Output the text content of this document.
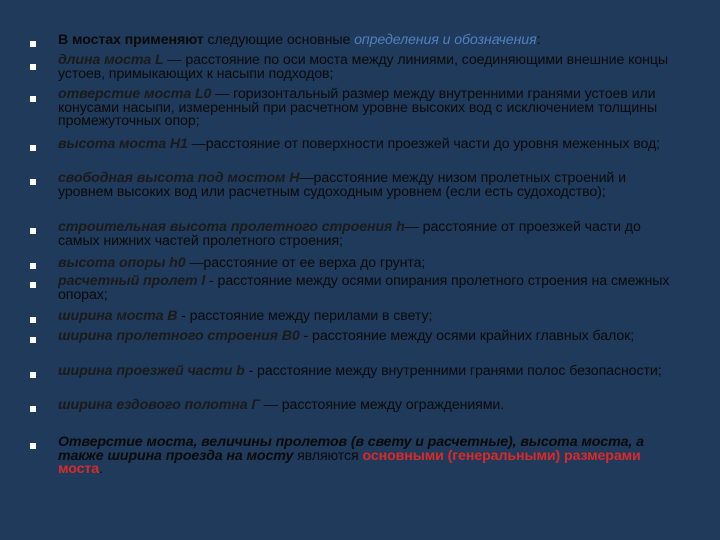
В мостах применяют следующие основные определения и обозначения:
длина моста L — расстояние по оси моста между линиями, соединяющими внешние концы устоев, примыкающих к насыпи подходов;
отверстие моста L0 — горизонтальный размер между внутренними гранями устоев или конусами насыпи, измеренный при расчетном уровне высоких вод с исключением толщины промежуточных опор;
высота моста H1 —расстояние от поверхности проезжей части до уровня меженных вод;
свободная высота под мостом H—расстояние между низом пролетных строений и уровнем высоких вод или расчетным судоходным уровнем (если есть судоходство);
строительная высота пролетного строения h— расстояние от проезжей части до самых нижних частей пролетного строения;
высота опоры h0 —расстояние от ее верха до грунта;
расчетный пролет l - расстояние между осями опирания пролетного строения на смежных опорах;
ширина моста B - расстояние между перилами в свету;
ширина пролетного строения B0 - расстояние между осями крайних главных балок;
ширина проезжей части b - расстояние между внутренними гранями полос безопасности;
ширина ездового полотна Г — расстояние между ограждениями.
Отверстие моста, величины пролетов (в свету и расчетные), высота моста, а также ширина проезда на мосту являются основными (генеральными) размерами моста.
